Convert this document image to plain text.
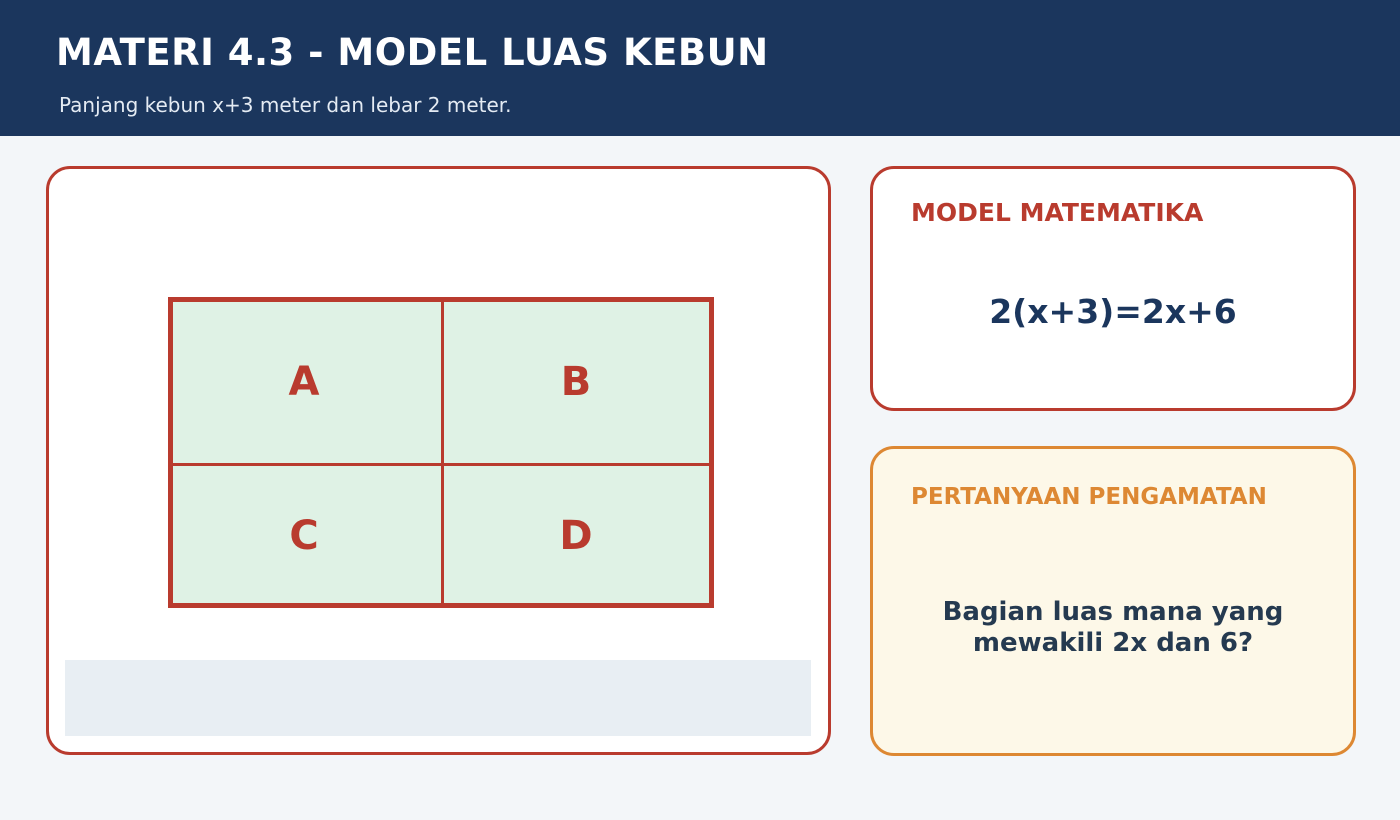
MATERI 4.3 - MODEL LUAS KEBUN
Panjang kebun x+3 meter dan lebar 2 meter.
A	B
C	D
MODEL MATEMATIKA
2(x+3)=2x+6
PERTANYAAN PENGAMATAN
Bagian luas mana yang mewakili 2x dan 6?
